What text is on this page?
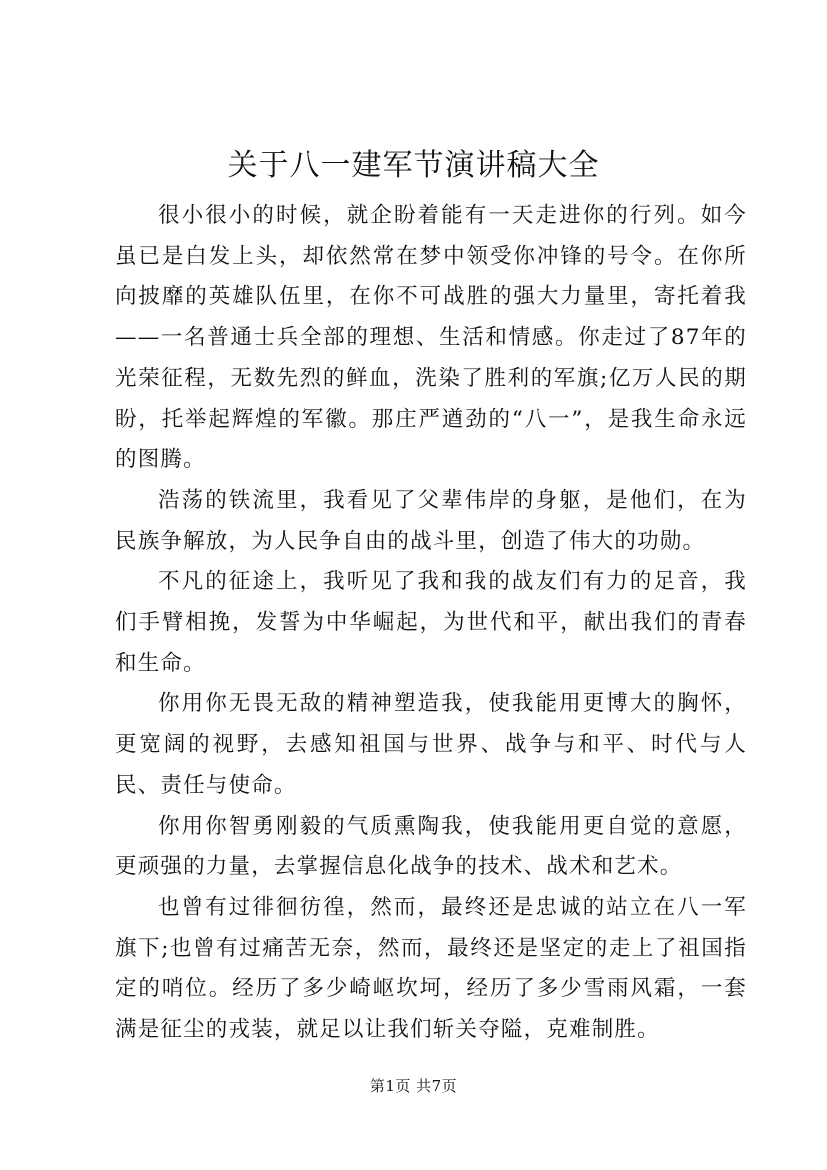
关于八一建军节演讲稿大全

很小很小的时候，就企盼着能有一天走进你的行列。如今虽已是白发上头，却依然常在梦中领受你冲锋的号令。在你所向披靡的英雄队伍里，在你不可战胜的强大力量里，寄托着我——一名普通士兵全部的理想、生活和情感。你走过了87年的光荣征程，无数先烈的鲜血，洗染了胜利的军旗;亿万人民的期盼，托举起辉煌的军徽。那庄严遒劲的“八一”，是我生命永远的图腾。

浩荡的铁流里，我看见了父辈伟岸的身躯，是他们，在为民族争解放，为人民争自由的战斗里，创造了伟大的功勋。

不凡的征途上，我听见了我和我的战友们有力的足音，我们手臂相挽，发誓为中华崛起，为世代和平，献出我们的青春和生命。

你用你无畏无敌的精神塑造我，使我能用更博大的胸怀，更宽阔的视野，去感知祖国与世界、战争与和平、时代与人民、责任与使命。

你用你智勇刚毅的气质熏陶我，使我能用更自觉的意愿，更顽强的力量，去掌握信息化战争的技术、战术和艺术。

也曾有过徘徊彷徨，然而，最终还是忠诚的站立在八一军旗下;也曾有过痛苦无奈，然而，最终还是坚定的走上了祖国指定的哨位。经历了多少崎岖坎坷，经历了多少雪雨风霜，一套满是征尘的戎装，就足以让我们斩关夺隘，克难制胜。

第1页 共7页
